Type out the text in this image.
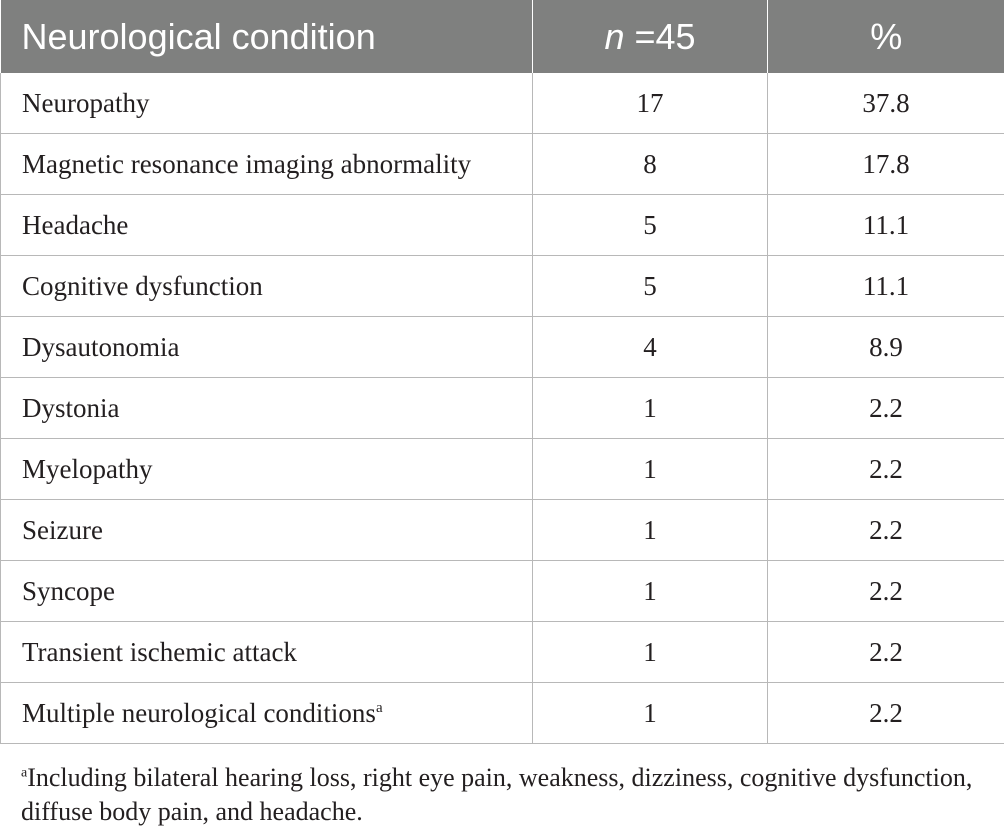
Neurological condition	n =45	%
Neuropathy	17	37.8
Magnetic resonance imaging abnormality	8	17.8
Headache	5	11.1
Cognitive dysfunction	5	11.1
Dysautonomia	4	8.9
Dystonia	1	2.2
Myelopathy	1	2.2
Seizure	1	2.2
Syncope	1	2.2
Transient ischemic attack	1	2.2
Multiple neurological conditions$^a$	1	2.2
$^a$Including bilateral hearing loss, right eye pain, weakness, dizziness, cognitive dysfunction, diffuse body pain, and headache.
